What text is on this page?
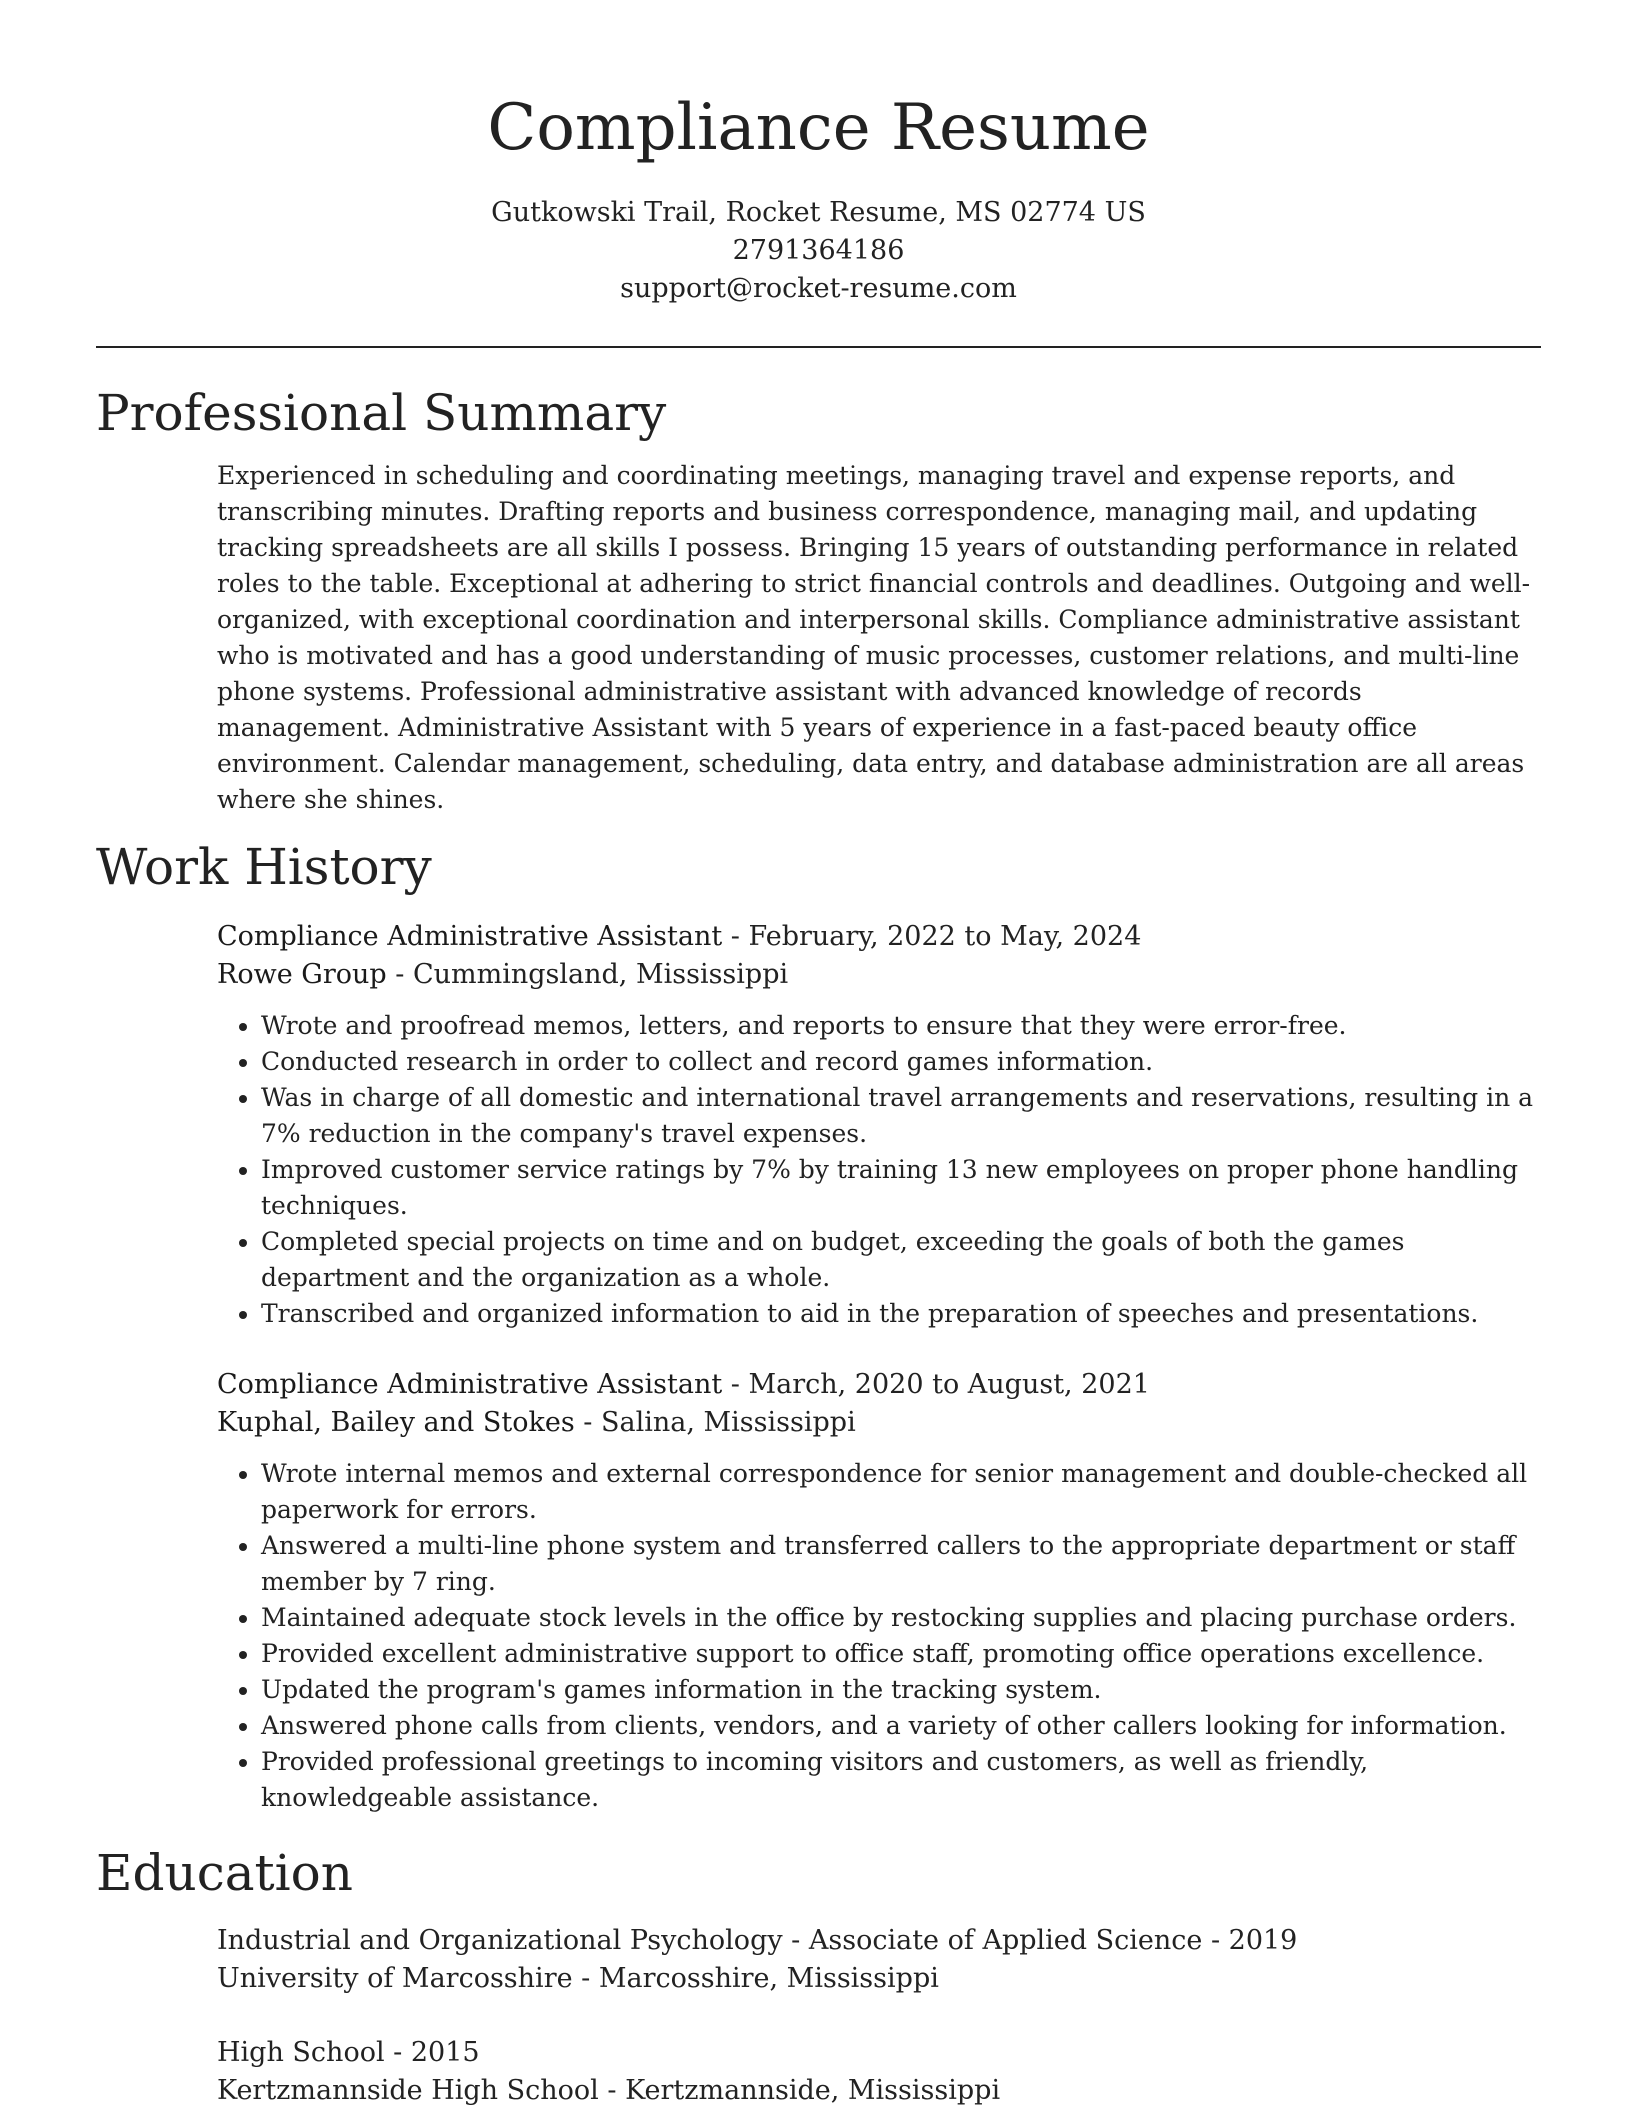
Compliance Resume

Gutkowski Trail, Rocket Resume, MS 02774 US

2791364186

support@rocket-resume.com

Professional Summary

Experienced in scheduling and coordinating meetings, managing travel and expense reports, and transcribing minutes. Drafting reports and business correspondence, managing mail, and updating tracking spreadsheets are all skills I possess. Bringing 15 years of outstanding performance in related roles to the table. Exceptional at adhering to strict financial controls and deadlines. Outgoing and well-organized, with exceptional coordination and interpersonal skills. Compliance administrative assistant who is motivated and has a good understanding of music processes, customer relations, and multi-line phone systems. Professional administrative assistant with advanced knowledge of records management. Administrative Assistant with 5 years of experience in a fast-paced beauty office environment. Calendar management, scheduling, data entry, and database administration are all areas where she shines.

Work History

Compliance Administrative Assistant - February, 2022 to May, 2024

Rowe Group - Cummingsland, Mississippi

• Wrote and proofread memos, letters, and reports to ensure that they were error-free.
• Conducted research in order to collect and record games information.
• Was in charge of all domestic and international travel arrangements and reservations, resulting in a 7% reduction in the company's travel expenses.
• Improved customer service ratings by 7% by training 13 new employees on proper phone handling techniques.
• Completed special projects on time and on budget, exceeding the goals of both the games department and the organization as a whole.
• Transcribed and organized information to aid in the preparation of speeches and presentations.

Compliance Administrative Assistant - March, 2020 to August, 2021

Kuphal, Bailey and Stokes - Salina, Mississippi

• Wrote internal memos and external correspondence for senior management and double-checked all paperwork for errors.
• Answered a multi-line phone system and transferred callers to the appropriate department or staff member by 7 ring.
• Maintained adequate stock levels in the office by restocking supplies and placing purchase orders.
• Provided excellent administrative support to office staff, promoting office operations excellence.
• Updated the program's games information in the tracking system.
• Answered phone calls from clients, vendors, and a variety of other callers looking for information.
• Provided professional greetings to incoming visitors and customers, as well as friendly, knowledgeable assistance.
Education

Industrial and Organizational Psychology - Associate of Applied Science - 2019

University of Marcosshire - Marcosshire, Mississippi

High School - 2015

Kertzmannside High School - Kertzmannside, Mississippi
